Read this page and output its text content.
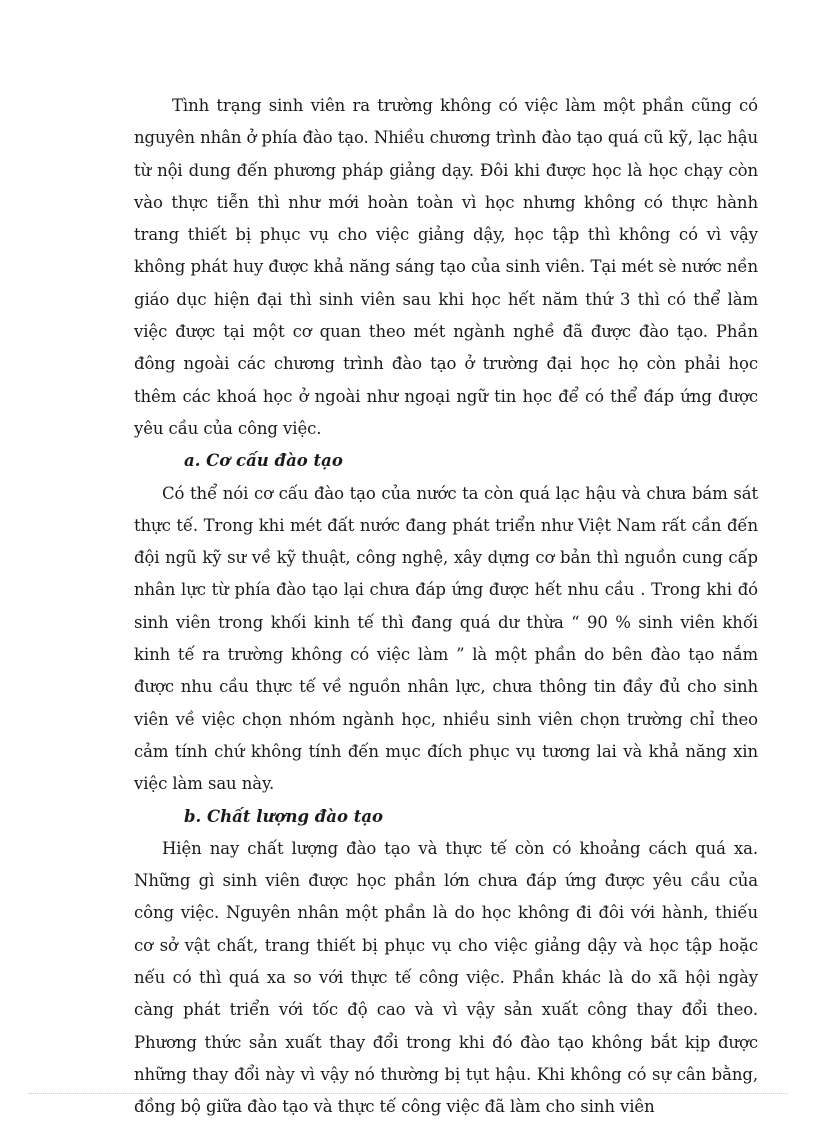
Tình trạng sinh viên ra trường không có việc làm một phần cũng có nguyên nhân ở phía đào tạo. Nhiều chương trình đào tạo quá cũ kỹ, lạc hậu từ nội dung đến phương pháp giảng dạy. Đôi khi được học là học chạy còn vào thực tiễn thì như mới hoàn toàn vì học nhưng không có thực hành trang thiết bị phục vụ cho việc giảng dậy, học tập thì không có vì vậy không phát huy được khả năng sáng tạo của sinh viên. Tại mét sè nước nền giáo dục hiện đại thì sinh viên sau khi học hết năm thứ 3 thì có thể làm việc được tại một cơ quan theo mét ngành nghề đã được đào tạo. Phần đông ngoài các chương trình đào tạo ở trường đại học họ còn phải học thêm các khoá học ở ngoài như ngoại ngữ tin học để có thể đáp ứng được yêu cầu của công việc.

a. Cơ cấu đào tạo

Có thể nói cơ cấu đào tạo của nước ta còn quá lạc hậu và chưa bám sát thực tế. Trong khi mét đất nước đang phát triển như Việt Nam rất cần đến đội ngũ kỹ sư về kỹ thuật, công nghệ, xây dựng cơ bản thì nguồn cung cấp nhân lực từ phía đào tạo lại chưa đáp ứng được hết nhu cầu . Trong khi đó sinh viên trong khối kinh tế thì đang quá dư thừa “ 90 % sinh viên khối kinh tế ra trường không có việc làm ” là một phần do bên đào tạo nắm được nhu cầu thực tế về nguồn nhân lực, chưa thông tin đầy đủ cho sinh viên về việc chọn nhóm ngành học, nhiều sinh viên chọn trường chỉ theo cảm tính chứ không tính đến mục đích phục vụ tương lai và khả năng xin việc làm sau này.

b. Chất lượng đào tạo

Hiện nay chất lượng đào tạo và thực tế còn có khoảng cách quá xa. Những gì sinh viên được học phần lớn chưa đáp ứng được yêu cầu của công việc. Nguyên nhân một phần là do học không đi đôi với hành, thiếu cơ sở vật chất, trang thiết bị phục vụ cho việc giảng dậy và học tập hoặc nếu có thì quá xa so với thực tế công việc. Phần khác là do xã hội ngày càng phát triển với tốc độ cao và vì vậy sản xuất công thay đổi theo. Phương thức sản xuất thay đổi trong khi đó đào tạo không bắt kịp được những thay đổi này vì vậy nó thường bị tụt hậu. Khi không có sự cân bằng, đồng bộ giữa đào tạo và thực tế công việc đã làm cho sinh viên
